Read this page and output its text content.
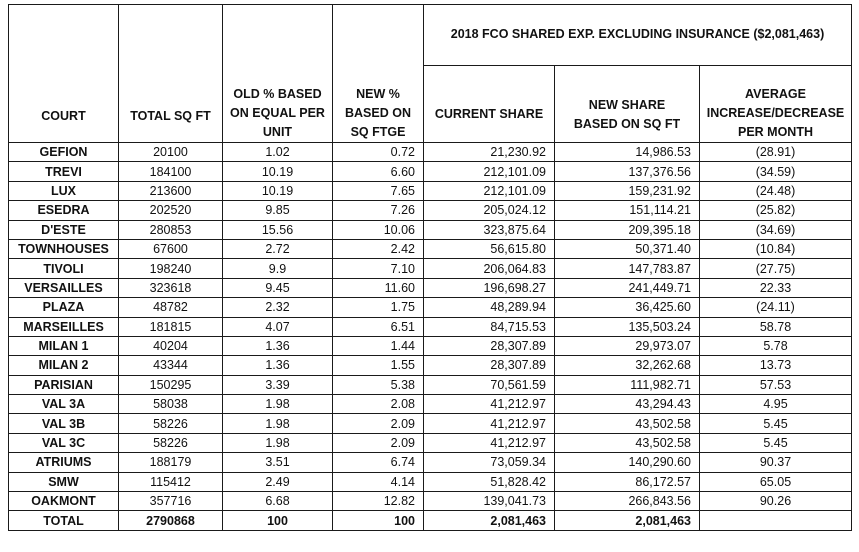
COURT	TOTAL SQ FT	OLD % BASED ON EQUAL PER UNIT	NEW % BASED ON SQ FTGE	2018 FCO SHARED EXP. EXCLUDING INSURANCE ($2,081,463)		
				CURRENT SHARE	NEW SHARE BASED ON SQ FT	AVERAGE INCREASE/DECREASE PER MONTH
GEFION	20100	1.02	0.72	21,230.92	14,986.53	(28.91)
TREVI	184100	10.19	6.60	212,101.09	137,376.56	(34.59)
LUX	213600	10.19	7.65	212,101.09	159,231.92	(24.48)
ESEDRA	202520	9.85	7.26	205,024.12	151,114.21	(25.82)
D'ESTE	280853	15.56	10.06	323,875.64	209,395.18	(34.69)
TOWNHOUSES	67600	2.72	2.42	56,615.80	50,371.40	(10.84)
TIVOLI	198240	9.9	7.10	206,064.83	147,783.87	(27.75)
VERSAILLES	323618	9.45	11.60	196,698.27	241,449.71	22.33
PLAZA	48782	2.32	1.75	48,289.94	36,425.60	(24.11)
MARSEILLES	181815	4.07	6.51	84,715.53	135,503.24	58.78
MILAN 1	40204	1.36	1.44	28,307.89	29,973.07	5.78
MILAN 2	43344	1.36	1.55	28,307.89	32,262.68	13.73
PARISIAN	150295	3.39	5.38	70,561.59	111,982.71	57.53
VAL 3A	58038	1.98	2.08	41,212.97	43,294.43	4.95
VAL 3B	58226	1.98	2.09	41,212.97	43,502.58	5.45
VAL 3C	58226	1.98	2.09	41,212.97	43,502.58	5.45
ATRIUMS	188179	3.51	6.74	73,059.34	140,290.60	90.37
SMW	115412	2.49	4.14	51,828.42	86,172.57	65.05
OAKMONT	357716	6.68	12.82	139,041.73	266,843.56	90.26
TOTAL	2790868	100	100	2,081,463	2,081,463	
